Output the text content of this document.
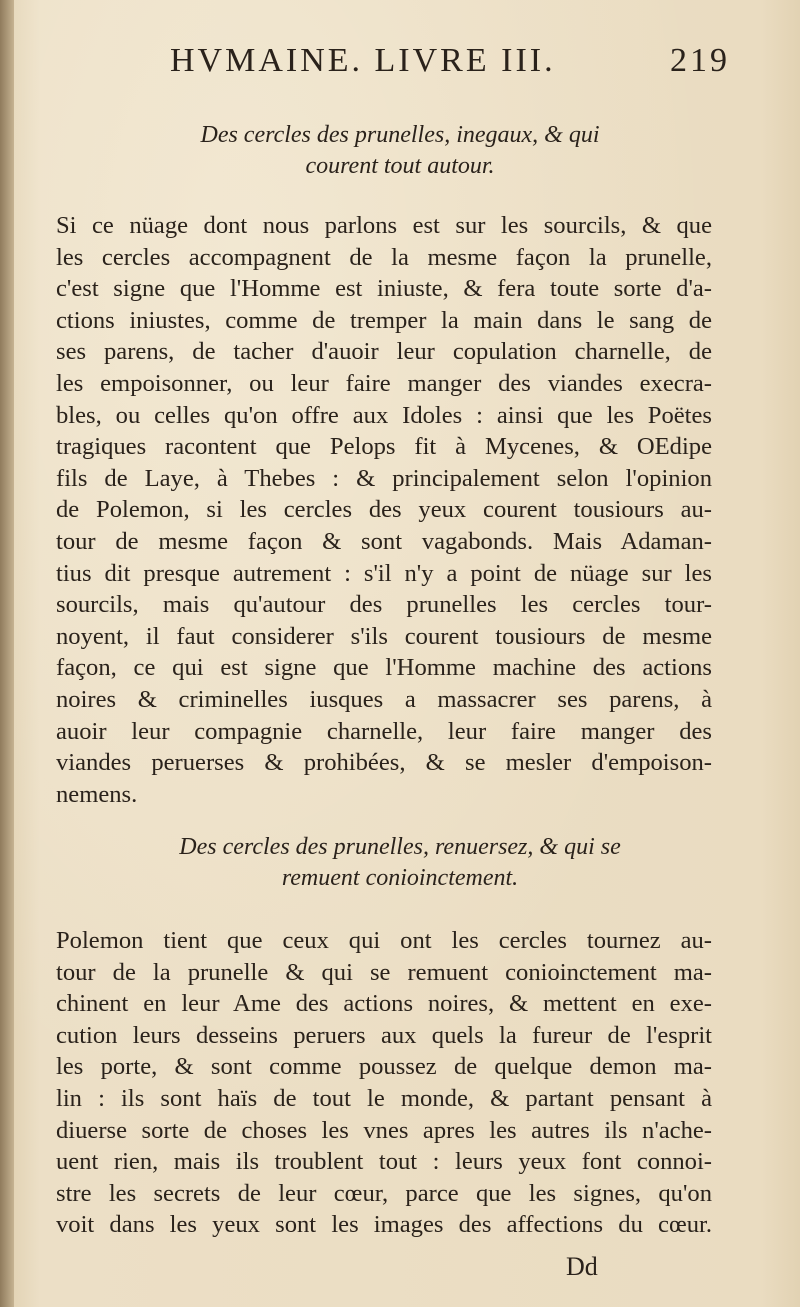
HVMAINE. LIVRE III.	219
Des cercles des prunelles, inegaux, & qui
courent tout autour.
Si ce nüage dont nous parlons est sur les sourcils, & que
les cercles accompagnent de la mesme façon la prunelle,
c'est signe que l'Homme est iniuste, & fera toute sorte d'a-
ctions iniustes, comme de tremper la main dans le sang de
ses parens, de tacher d'auoir leur copulation charnelle, de
les empoisonner, ou leur faire manger des viandes execra-
bles, ou celles qu'on offre aux Idoles : ainsi que les Poëtes
tragiques racontent que Pelops fit à Mycenes, & OEdipe
fils de Laye, à Thebes : & principalement selon l'opinion
de Polemon, si les cercles des yeux courent tousiours au-
tour de mesme façon & sont vagabonds. Mais Adaman-
tius dit presque autrement : s'il n'y a point de nüage sur les
sourcils, mais qu'autour des prunelles les cercles tour-
noyent, il faut considerer s'ils courent tousiours de mesme
façon, ce qui est signe que l'Homme machine des actions
noires & criminelles iusques a massacrer ses parens, à
auoir leur compagnie charnelle, leur faire manger des
viandes peruerses & prohibées, & se mesler d'empoison-
nemens.
Des cercles des prunelles, renuersez, & qui se
remuent conioinctement.
Polemon tient que ceux qui ont les cercles tournez au-
tour de la prunelle & qui se remuent conioinctement ma-
chinent en leur Ame des actions noires, & mettent en exe-
cution leurs desseins peruers aux quels la fureur de l'esprit
les porte, & sont comme poussez de quelque demon ma-
lin : ils sont haïs de tout le monde, & partant pensant à
diuerse sorte de choses les vnes apres les autres ils n'ache-
uent rien, mais ils troublent tout : leurs yeux font connoi-
stre les secrets de leur cœur, parce que les signes, qu'on
voit dans les yeux sont les images des affections du cœur.
Dd
